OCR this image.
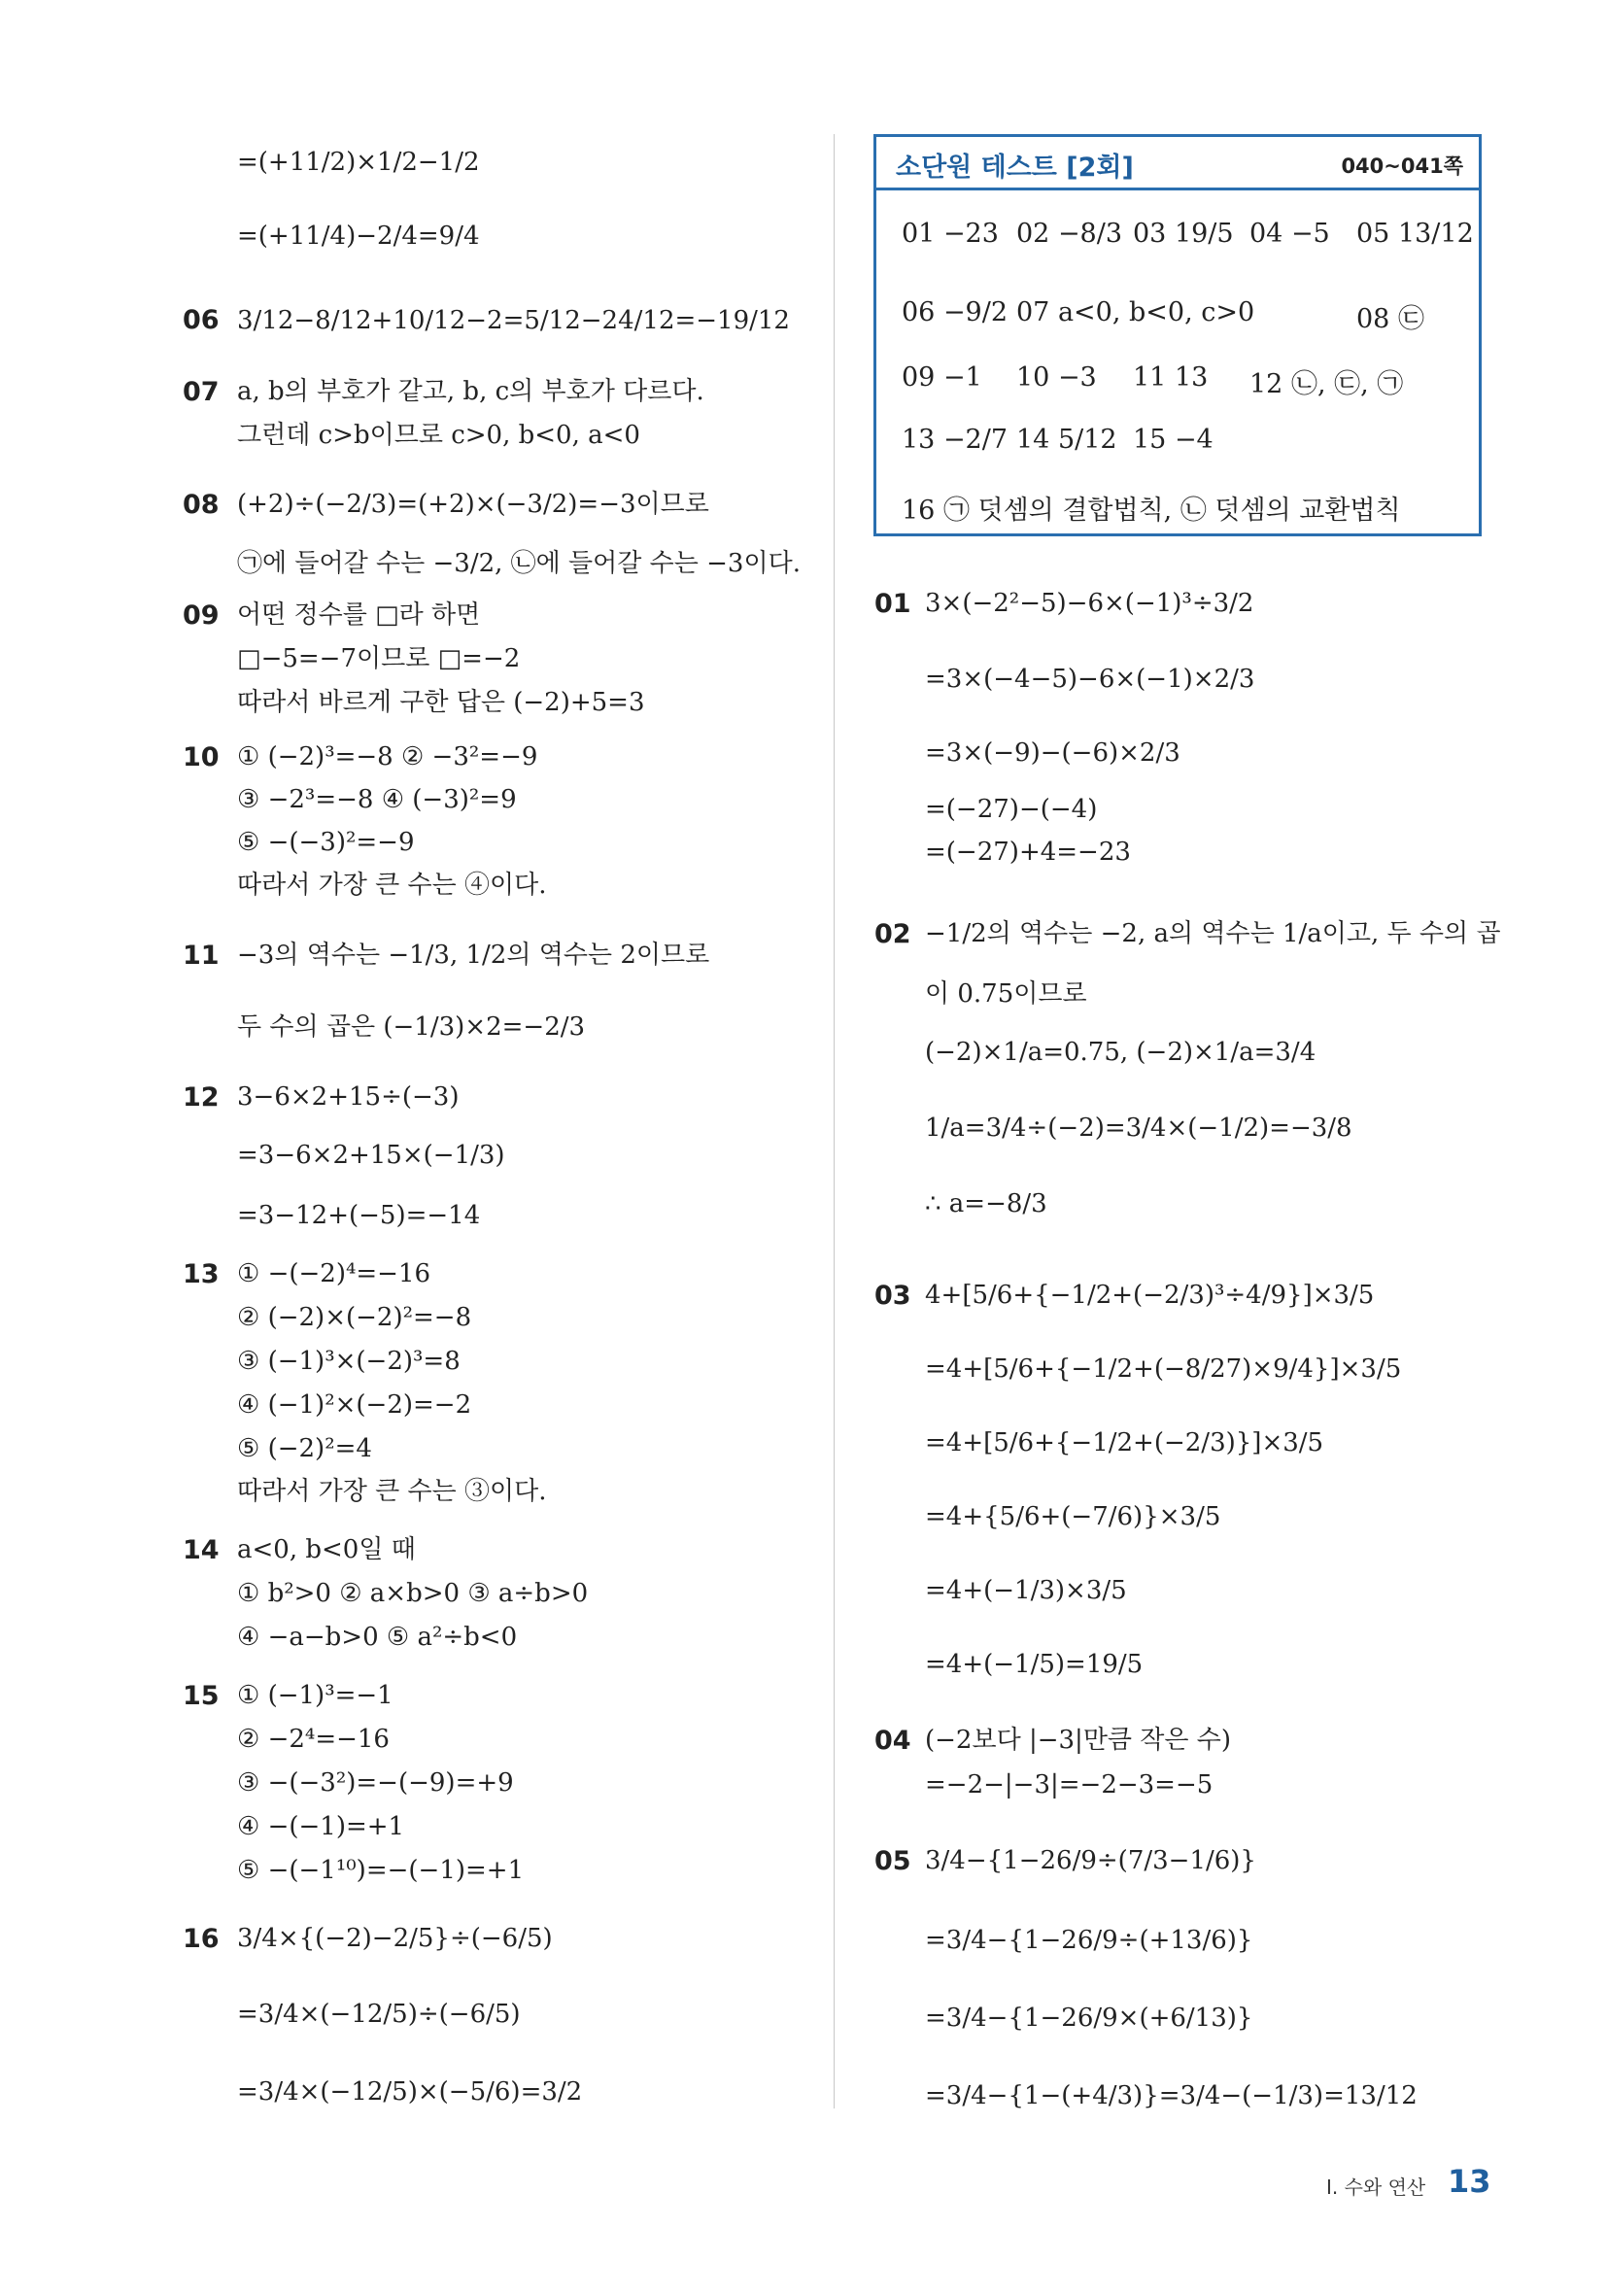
=(+11/2)×1/2−1/2
=(+11/4)−2/4=9/4
06 3/12−8/12+10/12−2=5/12−24/12=−19/12
07 a, b의 부호가 같고, b, c의 부호가 다르다.
그런데 c>b이므로 c>0, b<0, a<0
08 (+2)÷(−2/3)=(+2)×(−3/2)=−3이므로
㉠에 들어갈 수는 −3/2, ㉡에 들어갈 수는 −3이다.
09 어떤 정수를 □라 하면
□−5=−7이므로 □=−2
따라서 바르게 구한 답은 (−2)+5=3
10 ① (−2)³=−8 ② −3²=−9
③ −2³=−8 ④ (−3)²=9
⑤ −(−3)²=−9
따라서 가장 큰 수는 ④이다.
11 −3의 역수는 −1/3, 1/2의 역수는 2이므로
두 수의 곱은 (−1/3)×2=−2/3
12 3−6×2+15÷(−3)
=3−6×2+15×(−1/3)
=3−12+(−5)=−14
13 ① −(−2)⁴=−16
② (−2)×(−2)²=−8
③ (−1)³×(−2)³=8
④ (−1)²×(−2)=−2
⑤ (−2)²=4
따라서 가장 큰 수는 ③이다.
14 a<0, b<0일 때
① b²>0 ② a×b>0 ③ a÷b>0
④ −a−b>0 ⑤ a²÷b<0
15 ① (−1)³=−1
② −2⁴=−16
③ −(−3²)=−(−9)=+9
④ −(−1)=+1
⑤ −(−1¹⁰)=−(−1)=+1
16 3/4×{(−2)−2/5}÷(−6/5)
=3/4×(−12/5)÷(−6/5)
=3/4×(−12/5)×(−5/6)=3/2
소단원 테스트 [2회]	040~041쪽
01 −23 02 −8/3 03 19/5 04 −5 05 13/12
06 −9/2 07 a<0, b<0, c>0	08 ㉢
09 −1 10 −3 11 13 12 ㉡, ㉢, ㉠
13 −2/7 14 5/12 15 −4
16 ㉠ 덧셈의 결합법칙, ㉡ 덧셈의 교환법칙
01 3×(−2²−5)−6×(−1)³÷3/2
=3×(−4−5)−6×(−1)×2/3
=3×(−9)−(−6)×2/3
=(−27)−(−4)
=(−27)+4=−23
02 −1/2의 역수는 −2, a의 역수는 1/a이고, 두 수의 곱
이 0.75이므로
(−2)×1/a=0.75, (−2)×1/a=3/4
1/a=3/4÷(−2)=3/4×(−1/2)=−3/8
∴ a=−8/3
03 4+[5/6+{−1/2+(−2/3)³÷4/9}]×3/5
=4+[5/6+{−1/2+(−8/27)×9/4}]×3/5
=4+[5/6+{−1/2+(−2/3)}]×3/5
=4+{5/6+(−7/6)}×3/5
=4+(−1/3)×3/5
=4+(−1/5)=19/5
04 (−2보다 |−3|만큼 작은 수)
=−2−|−3|=−2−3=−5
05 3/4−{1−26/9÷(7/3−1/6)}
=3/4−{1−26/9÷(+13/6)}
=3/4−{1−26/9×(+6/13)}
=3/4−{1−(+4/3)}=3/4−(−1/3)=13/12
Ⅰ. 수와 연산 13
